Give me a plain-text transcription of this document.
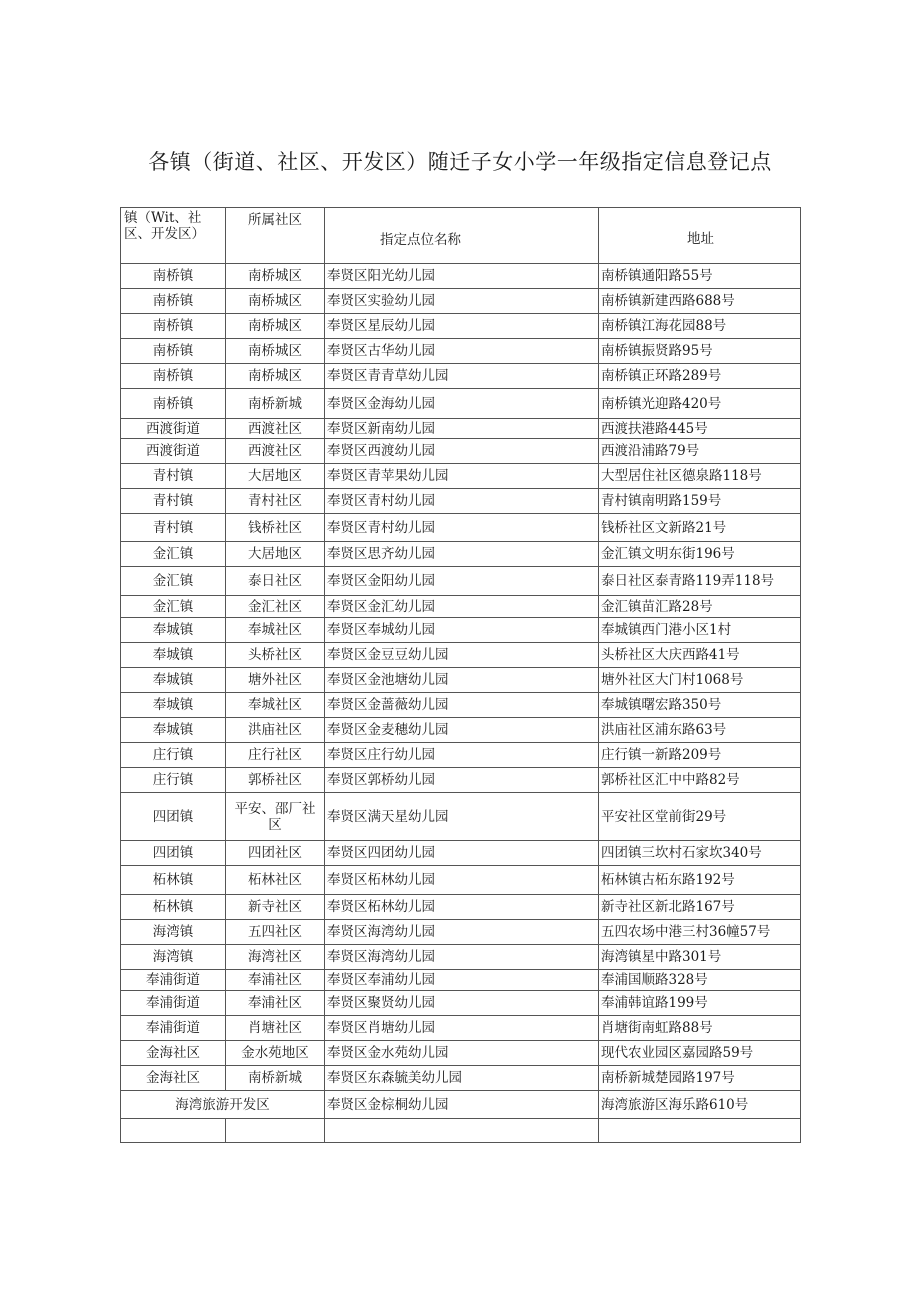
各镇（街道、社区、开发区）随迁子女小学一年级指定信息登记点
镇（Wit、社区、开发区）	所属社区	指定点位名称	地址
南桥镇	南桥城区	奉贤区阳光幼儿园	南桥镇通阳路55号
南桥镇	南桥城区	奉贤区实验幼儿园	南桥镇新建西路688号
南桥镇	南桥城区	奉贤区星辰幼儿园	南桥镇江海花园88号
南桥镇	南桥城区	奉贤区古华幼儿园	南桥镇振贤路95号
南桥镇	南桥城区	奉贤区青青草幼儿园	南桥镇正环路289号
南桥镇	南桥新城	奉贤区金海幼儿园	南桥镇光迎路420号
西渡街道	西渡社区	奉贤区新南幼儿园	西渡扶港路445号
西渡街道	西渡社区	奉贤区西渡幼儿园	西渡沿浦路79号
青村镇	大居地区	奉贤区青苹果幼儿园	大型居住社区德泉路118号
青村镇	青村社区	奉贤区青村幼儿园	青村镇南明路159号
青村镇	钱桥社区	奉贤区青村幼儿园	钱桥社区文新路21号
金汇镇	大居地区	奉贤区思齐幼儿园	金汇镇文明东街196号
金汇镇	泰日社区	奉贤区金阳幼儿园	泰日社区泰青路119弄118号
金汇镇	金汇社区	奉贤区金汇幼儿园	金汇镇苗汇路28号
奉城镇	奉城社区	奉贤区奉城幼儿园	奉城镇西门港小区1村
奉城镇	头桥社区	奉贤区金豆豆幼儿园	头桥社区大庆西路41号
奉城镇	塘外社区	奉贤区金池塘幼儿园	塘外社区大门村1068号
奉城镇	奉城社区	奉贤区金蔷薇幼儿园	奉城镇曙宏路350号
奉城镇	洪庙社区	奉贤区金麦穗幼儿园	洪庙社区浦东路63号
庄行镇	庄行社区	奉贤区庄行幼儿园	庄行镇一新路209号
庄行镇	郭桥社区	奉贤区郭桥幼儿园	郭桥社区汇中中路82号
四团镇	平安、邵厂社区	奉贤区满天星幼儿园	平安社区堂前街29号
四团镇	四团社区	奉贤区四团幼儿园	四团镇三坎村石家坎340号
柘林镇	柘林社区	奉贤区柘林幼儿园	柘林镇古柘东路192号
柘林镇	新寺社区	奉贤区柘林幼儿园	新寺社区新北路167号
海湾镇	五四社区	奉贤区海湾幼儿园	五四农场中港三村36幢57号
海湾镇	海湾社区	奉贤区海湾幼儿园	海湾镇星中路301号
奉浦街道	奉浦社区	奉贤区奉浦幼儿园	奉浦国顺路328号
奉浦街道	奉浦社区	奉贤区聚贤幼儿园	奉浦韩谊路199号
奉浦街道	肖塘社区	奉贤区肖塘幼儿园	肖塘街南虹路88号
金海社区	金水苑地区	奉贤区金水苑幼儿园	现代农业园区嘉园路59号
金海社区	南桥新城	奉贤区东森毓美幼儿园	南桥新城楚园路197号
海湾旅游开发区		奉贤区金棕桐幼儿园	海湾旅游区海乐路610号
